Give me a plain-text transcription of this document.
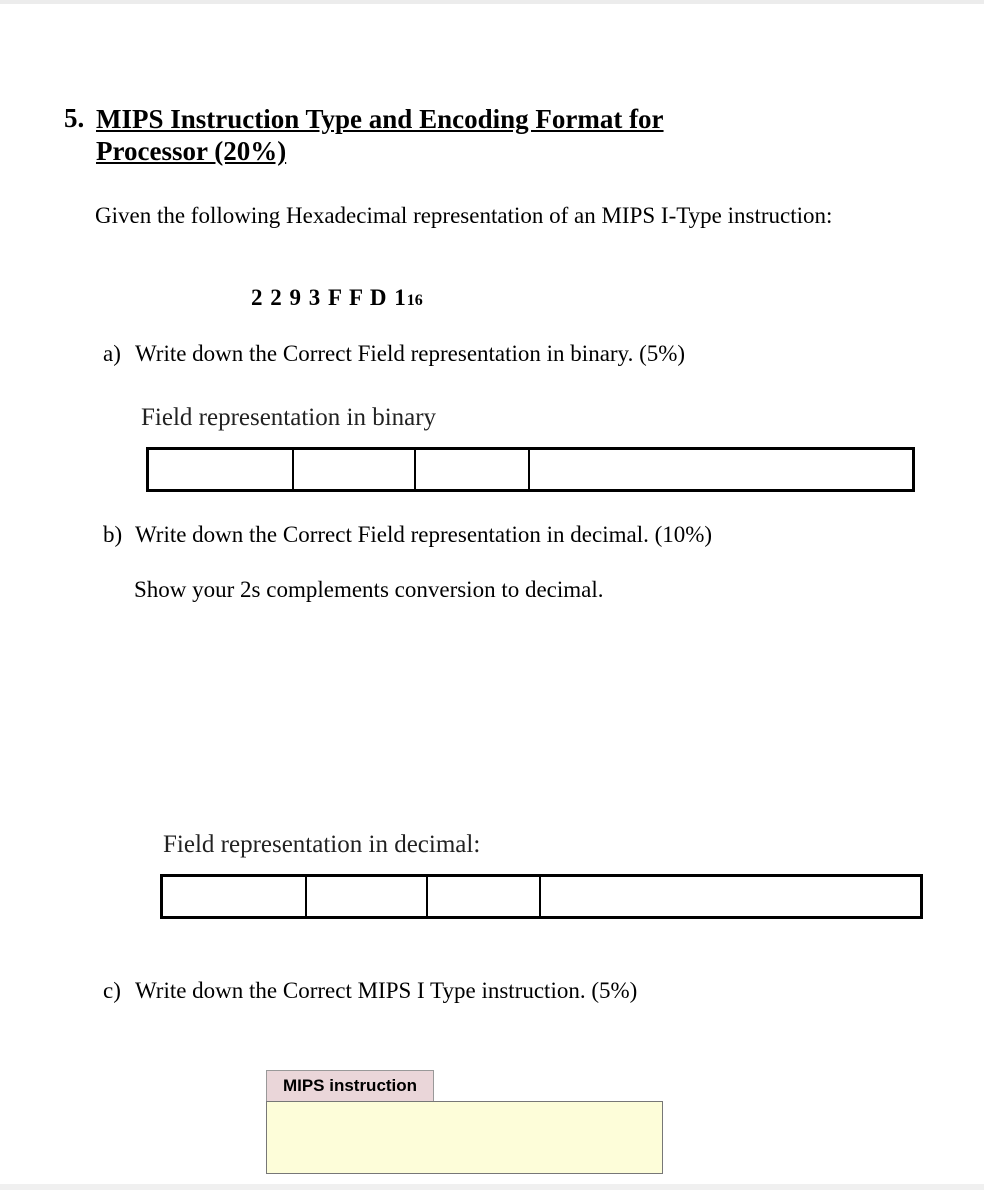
5. MIPS Instruction Type and Encoding Format for
Processor (20%)
Given the following Hexadecimal representation of an MIPS I-Type instruction:
2 2 9 3 F F D 116
a) Write down the Correct Field representation in binary. (5%)
Field representation in binary

b) Write down the Correct Field representation in decimal. (10%)
Show your 2s complements conversion to decimal.
Field representation in decimal:

c) Write down the Correct MIPS I Type instruction. (5%)
MIPS instruction
